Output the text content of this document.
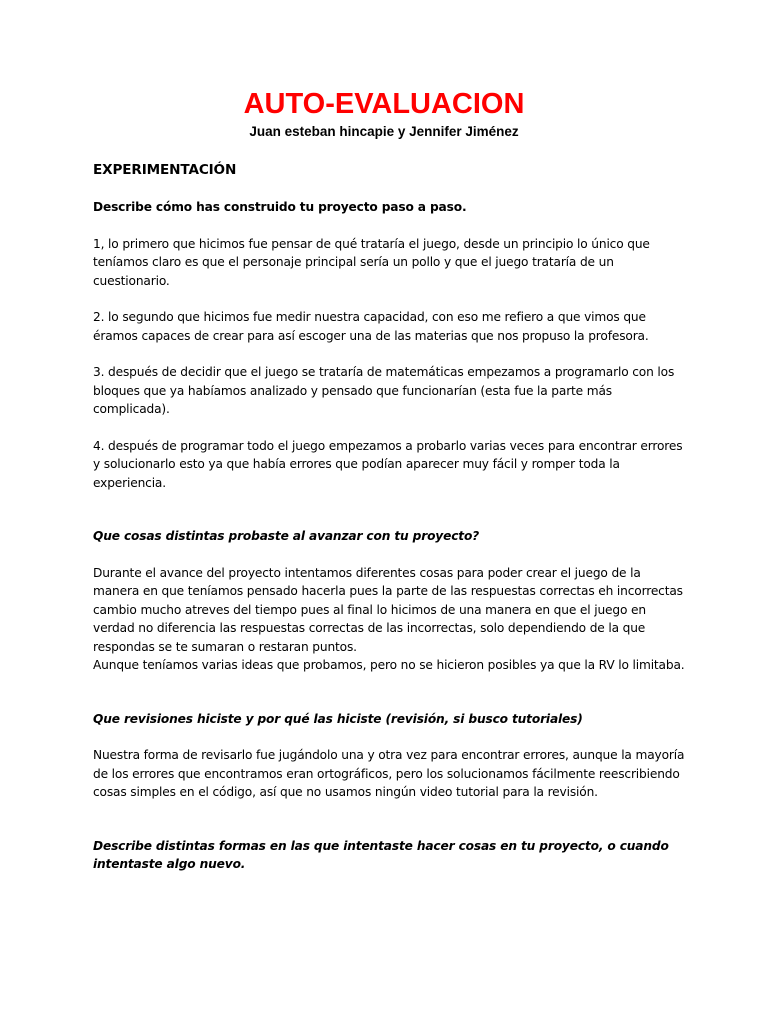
AUTO-EVALUACION

Juan esteban hincapie y Jennifer Jiménez

EXPERIMENTACIÓN

Describe cómo has construido tu proyecto paso a paso.

1, lo primero que hicimos fue pensar de qué trataría el juego, desde un principio lo único que teníamos claro es que el personaje principal sería un pollo y que el juego trataría de un cuestionario.

2. lo segundo que hicimos fue medir nuestra capacidad, con eso me refiero a que vimos que éramos capaces de crear para así escoger una de las materias que nos propuso la profesora.

3. después de decidir que el juego se trataría de matemáticas empezamos a programarlo con los bloques que ya habíamos analizado y pensado que funcionarían (esta fue la parte más complicada).

4. después de programar todo el juego empezamos a probarlo varias veces para encontrar errores y solucionarlo esto ya que había errores que podían aparecer muy fácil y romper toda la experiencia.

Que cosas distintas probaste al avanzar con tu proyecto?

Durante el avance del proyecto intentamos diferentes cosas para poder crear el juego de la manera en que teníamos pensado hacerla pues la parte de las respuestas correctas eh incorrectas cambio mucho atreves del tiempo pues al final lo hicimos de una manera en que el juego en verdad no diferencia las respuestas correctas de las incorrectas, solo dependiendo de la que respondas se te sumaran o restaran puntos.

Aunque teníamos varias ideas que probamos, pero no se hicieron posibles ya que la RV lo limitaba.

Que revisiones hiciste y por qué las hiciste (revisión, si busco tutoriales)

Nuestra forma de revisarlo fue jugándolo una y otra vez para encontrar errores, aunque la mayoría de los errores que encontramos eran ortográficos, pero los solucionamos fácilmente reescribiendo cosas simples en el código, así que no usamos ningún video tutorial para la revisión.

Describe distintas formas en las que intentaste hacer cosas en tu proyecto, o cuando intentaste algo nuevo.
